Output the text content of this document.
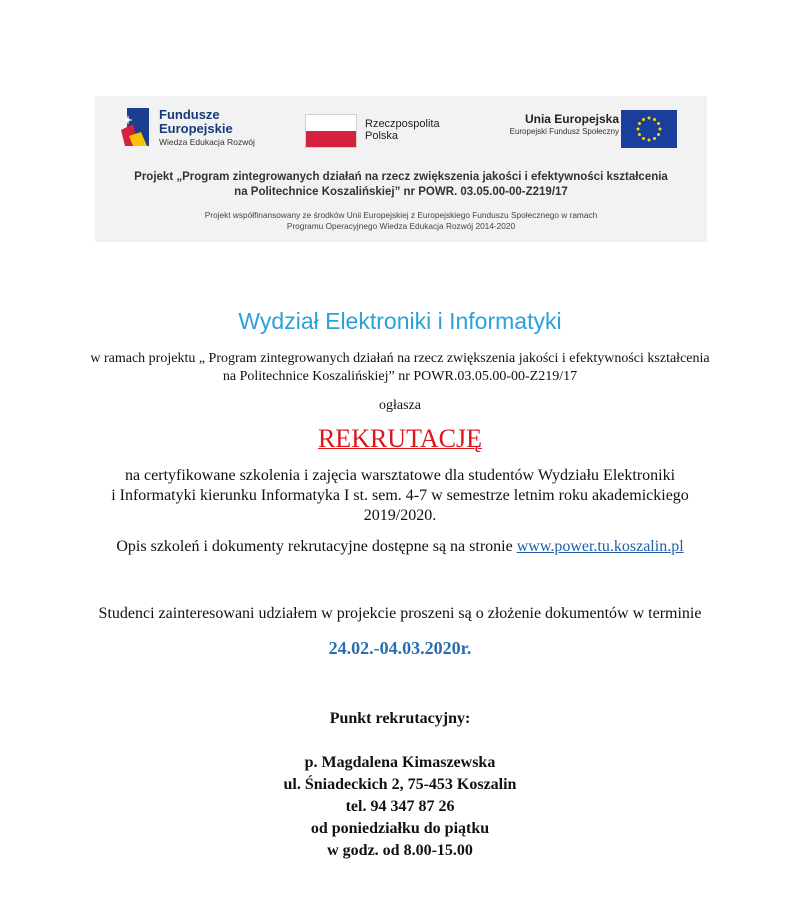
Fundusze
Europejskie
Wiedza Edukacja Rozwój
Rzeczpospolita
Polska
Unia Europejska
Europejski Fundusz Społeczny
Projekt „Program zintegrowanych działań na rzecz zwiększenia jakości i efektywności kształcenia
na Politechnice Koszalińskiej” nr POWR. 03.05.00-00-Z219/17
Projekt współfinansowany ze środków Unii Europejskiej z Europejskiego Funduszu Społecznego w ramach
Programu Operacyjnego Wiedza Edukacja Rozwój 2014-2020
Wydział Elektroniki i Informatyki
w ramach projektu „ Program zintegrowanych działań na rzecz zwiększenia jakości i efektywności kształcenia
na Politechnice Koszalińskiej” nr POWR.03.05.00-00-Z219/17
ogłasza
REKRUTACJĘ
na certyfikowane szkolenia i zajęcia warsztatowe dla studentów Wydziału Elektroniki
i Informatyki kierunku Informatyka I st. sem. 4-7 w semestrze letnim roku akademickiego
2019/2020.
Opis szkoleń i dokumenty rekrutacyjne dostępne są na stronie www.power.tu.koszalin.pl
Studenci zainteresowani udziałem w projekcie proszeni są o złożenie dokumentów w terminie
24.02.-04.03.2020r.
Punkt rekrutacyjny:
p. Magdalena Kimaszewska
ul. Śniadeckich 2, 75-453 Koszalin
tel. 94 347 87 26
od poniedziałku do piątku
w godz. od 8.00-15.00
